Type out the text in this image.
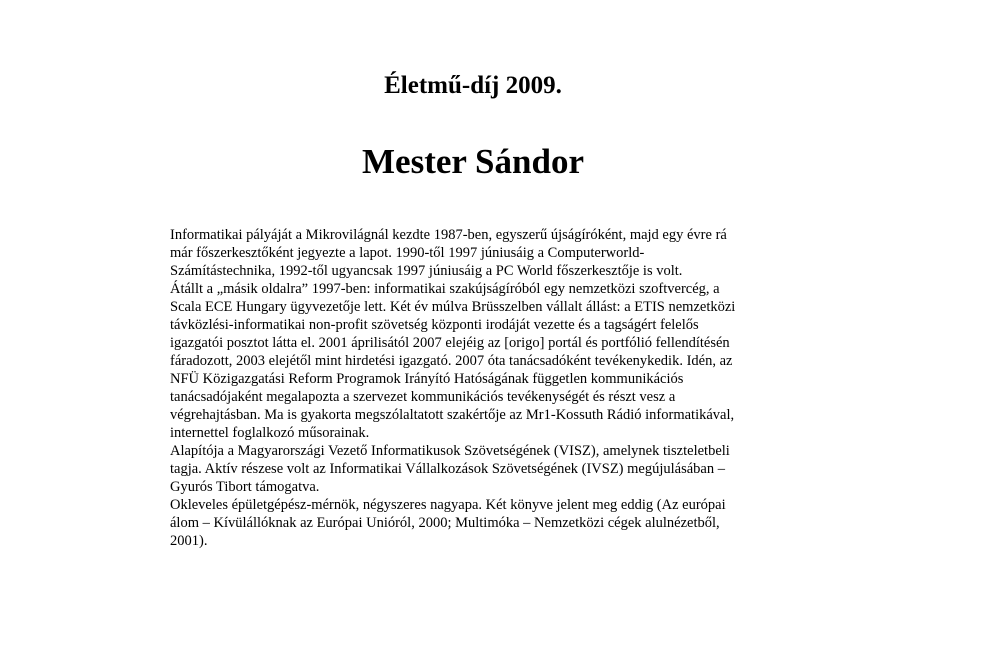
Életmű-díj 2009.
Mester Sándor
Informatikai pályáját a Mikrovilágnál kezdte 1987-ben, egyszerű újságíróként, majd egy évre rá
már főszerkesztőként jegyezte a lapot. 1990-től 1997 júniusáig a Computerworld-
Számítástechnika, 1992-től ugyancsak 1997 júniusáig a PC World főszerkesztője is volt.
Átállt a „másik oldalra” 1997-ben: informatikai szakújságíróból egy nemzetközi szoftvercég, a
Scala ECE Hungary ügyvezetője lett. Két év múlva Brüsszelben vállalt állást: a ETIS nemzetközi
távközlési-informatikai non-profit szövetség központi irodáját vezette és a tagságért felelős
igazgatói posztot látta el. 2001 áprilisától 2007 elejéig az [origo] portál és portfólió fellendítésén
fáradozott, 2003 elejétől mint hirdetési igazgató. 2007 óta tanácsadóként tevékenykedik. Idén, az
NFÜ Közigazgatási Reform Programok Irányító Hatóságának független kommunikációs
tanácsadójaként megalapozta a szervezet kommunikációs tevékenységét és részt vesz a
végrehajtásban. Ma is gyakorta megszólaltatott szakértője az Mr1-Kossuth Rádió informatikával,
internettel foglalkozó műsorainak.
Alapítója a Magyarországi Vezető Informatikusok Szövetségének (VISZ), amelynek tiszteletbeli
tagja. Aktív részese volt az Informatikai Vállalkozások Szövetségének (IVSZ) megújulásában –
Gyurós Tibort támogatva.
Okleveles épületgépész-mérnök, négyszeres nagyapa. Két könyve jelent meg eddig (Az európai
álom – Kívülállóknak az Európai Unióról, 2000; Multimóka – Nemzetközi cégek alulnézetből,
2001).
